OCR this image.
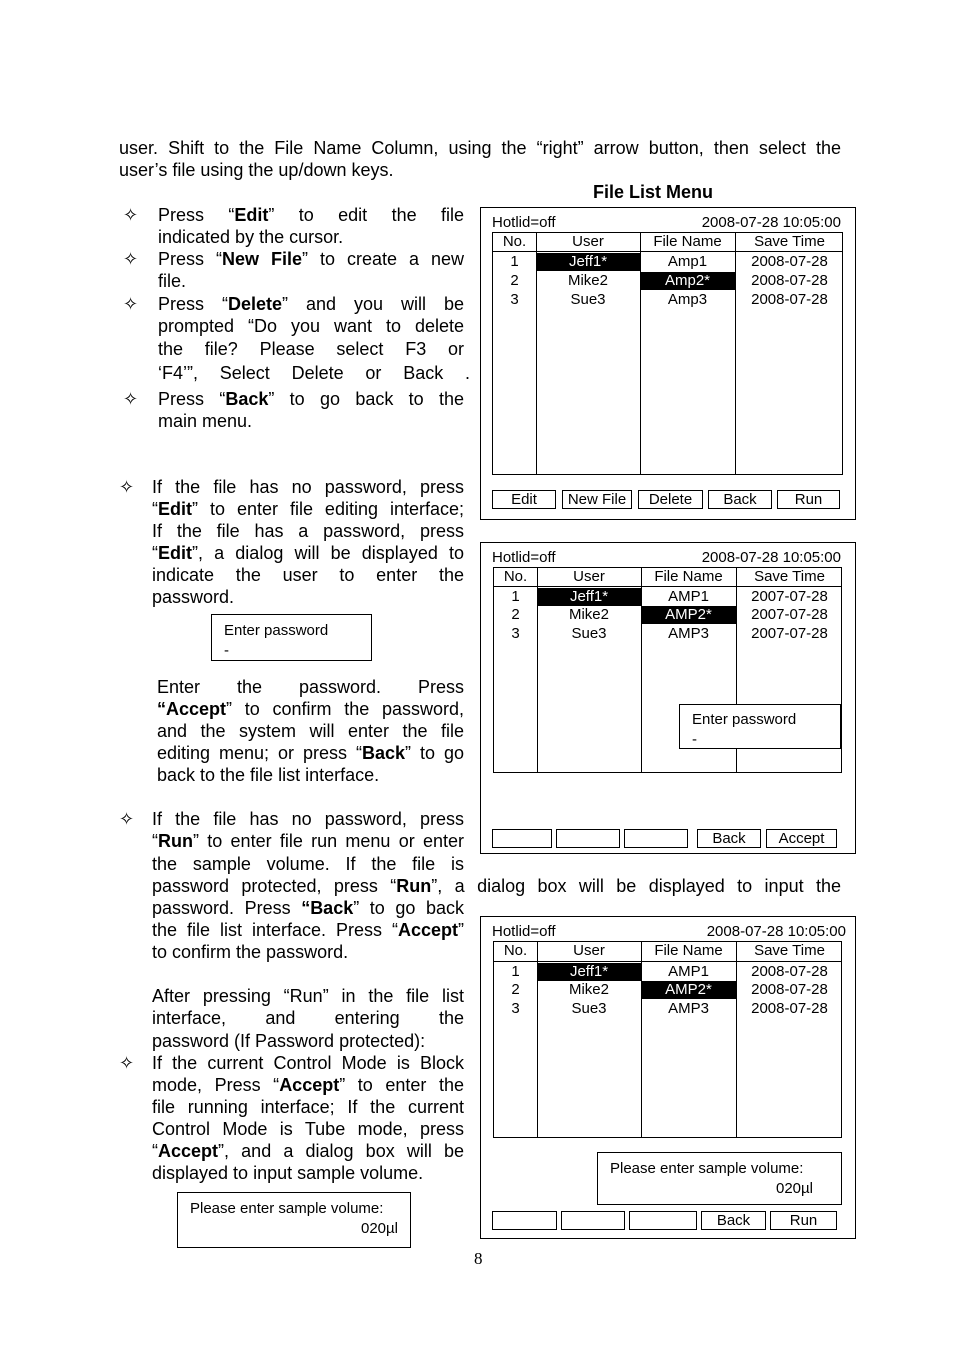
user. Shift to the File Name Column, using the “right” arrow button, then select the
user’s file using the up/down keys.
File List Menu
✧ Press “Edit” to edit the file
indicated by the cursor.
✧ Press “New File” to create a new
file.
✧ Press “Delete” and you will be
prompted “Do you want to delete
the file? Please select F3 or
‘F4’”, Select Delete or Back .
✧ Press “Back” to go back to the
main menu.
✧ If the file has no password, press
“Edit” to enter file editing interface;
If the file has a password, press
“Edit”, a dialog will be displayed to
indicate the user to enter the
password.
Enter password
-
Enter the password. Press
“Accept” to confirm the password,
and the system will enter the file
editing menu; or press “Back” to go
back to the file list interface.
✧ If the file has no password, press
“Run” to enter file run menu or enter
the sample volume. If the file is
password protected, press “Run”, a dialog box will be displayed to input the
password. Press “Back” to go back
the file list interface. Press “Accept”
to confirm the password.
After pressing “Run” in the file list
interface, and entering the
password (If Password protected):
✧ If the current Control Mode is Block
mode, Press “Accept” to enter the
file running interface; If the current
Control Mode is Tube mode, press
“Accept”, and a dialog box will be
displayed to input sample volume.
Please enter sample volume:
020µl
Hotlid=off	2008-07-28 10:05:00
No.	User	File Name	Save Time
1	Jeff1*	Amp1	2008-07-28
2	Mike2	Amp2*	2008-07-28
3	Sue3	Amp3	2008-07-28
Edit	New File	Delete	Back	Run
Hotlid=off	2008-07-28 10:05:00
No.	User	File Name	Save Time
1	Jeff1*	AMP1	2007-07-28
2	Mike2	AMP2*	2007-07-28
3	Sue3	AMP3	2007-07-28
Enter password
-
Back	Accept
Hotlid=off	2008-07-28 10:05:00
No.	User	File Name	Save Time
1	Jeff1*	AMP1	2008-07-28
2	Mike2	AMP2*	2008-07-28
3	Sue3	AMP3	2008-07-28
Please enter sample volume:
020µl
Back	Run
8
